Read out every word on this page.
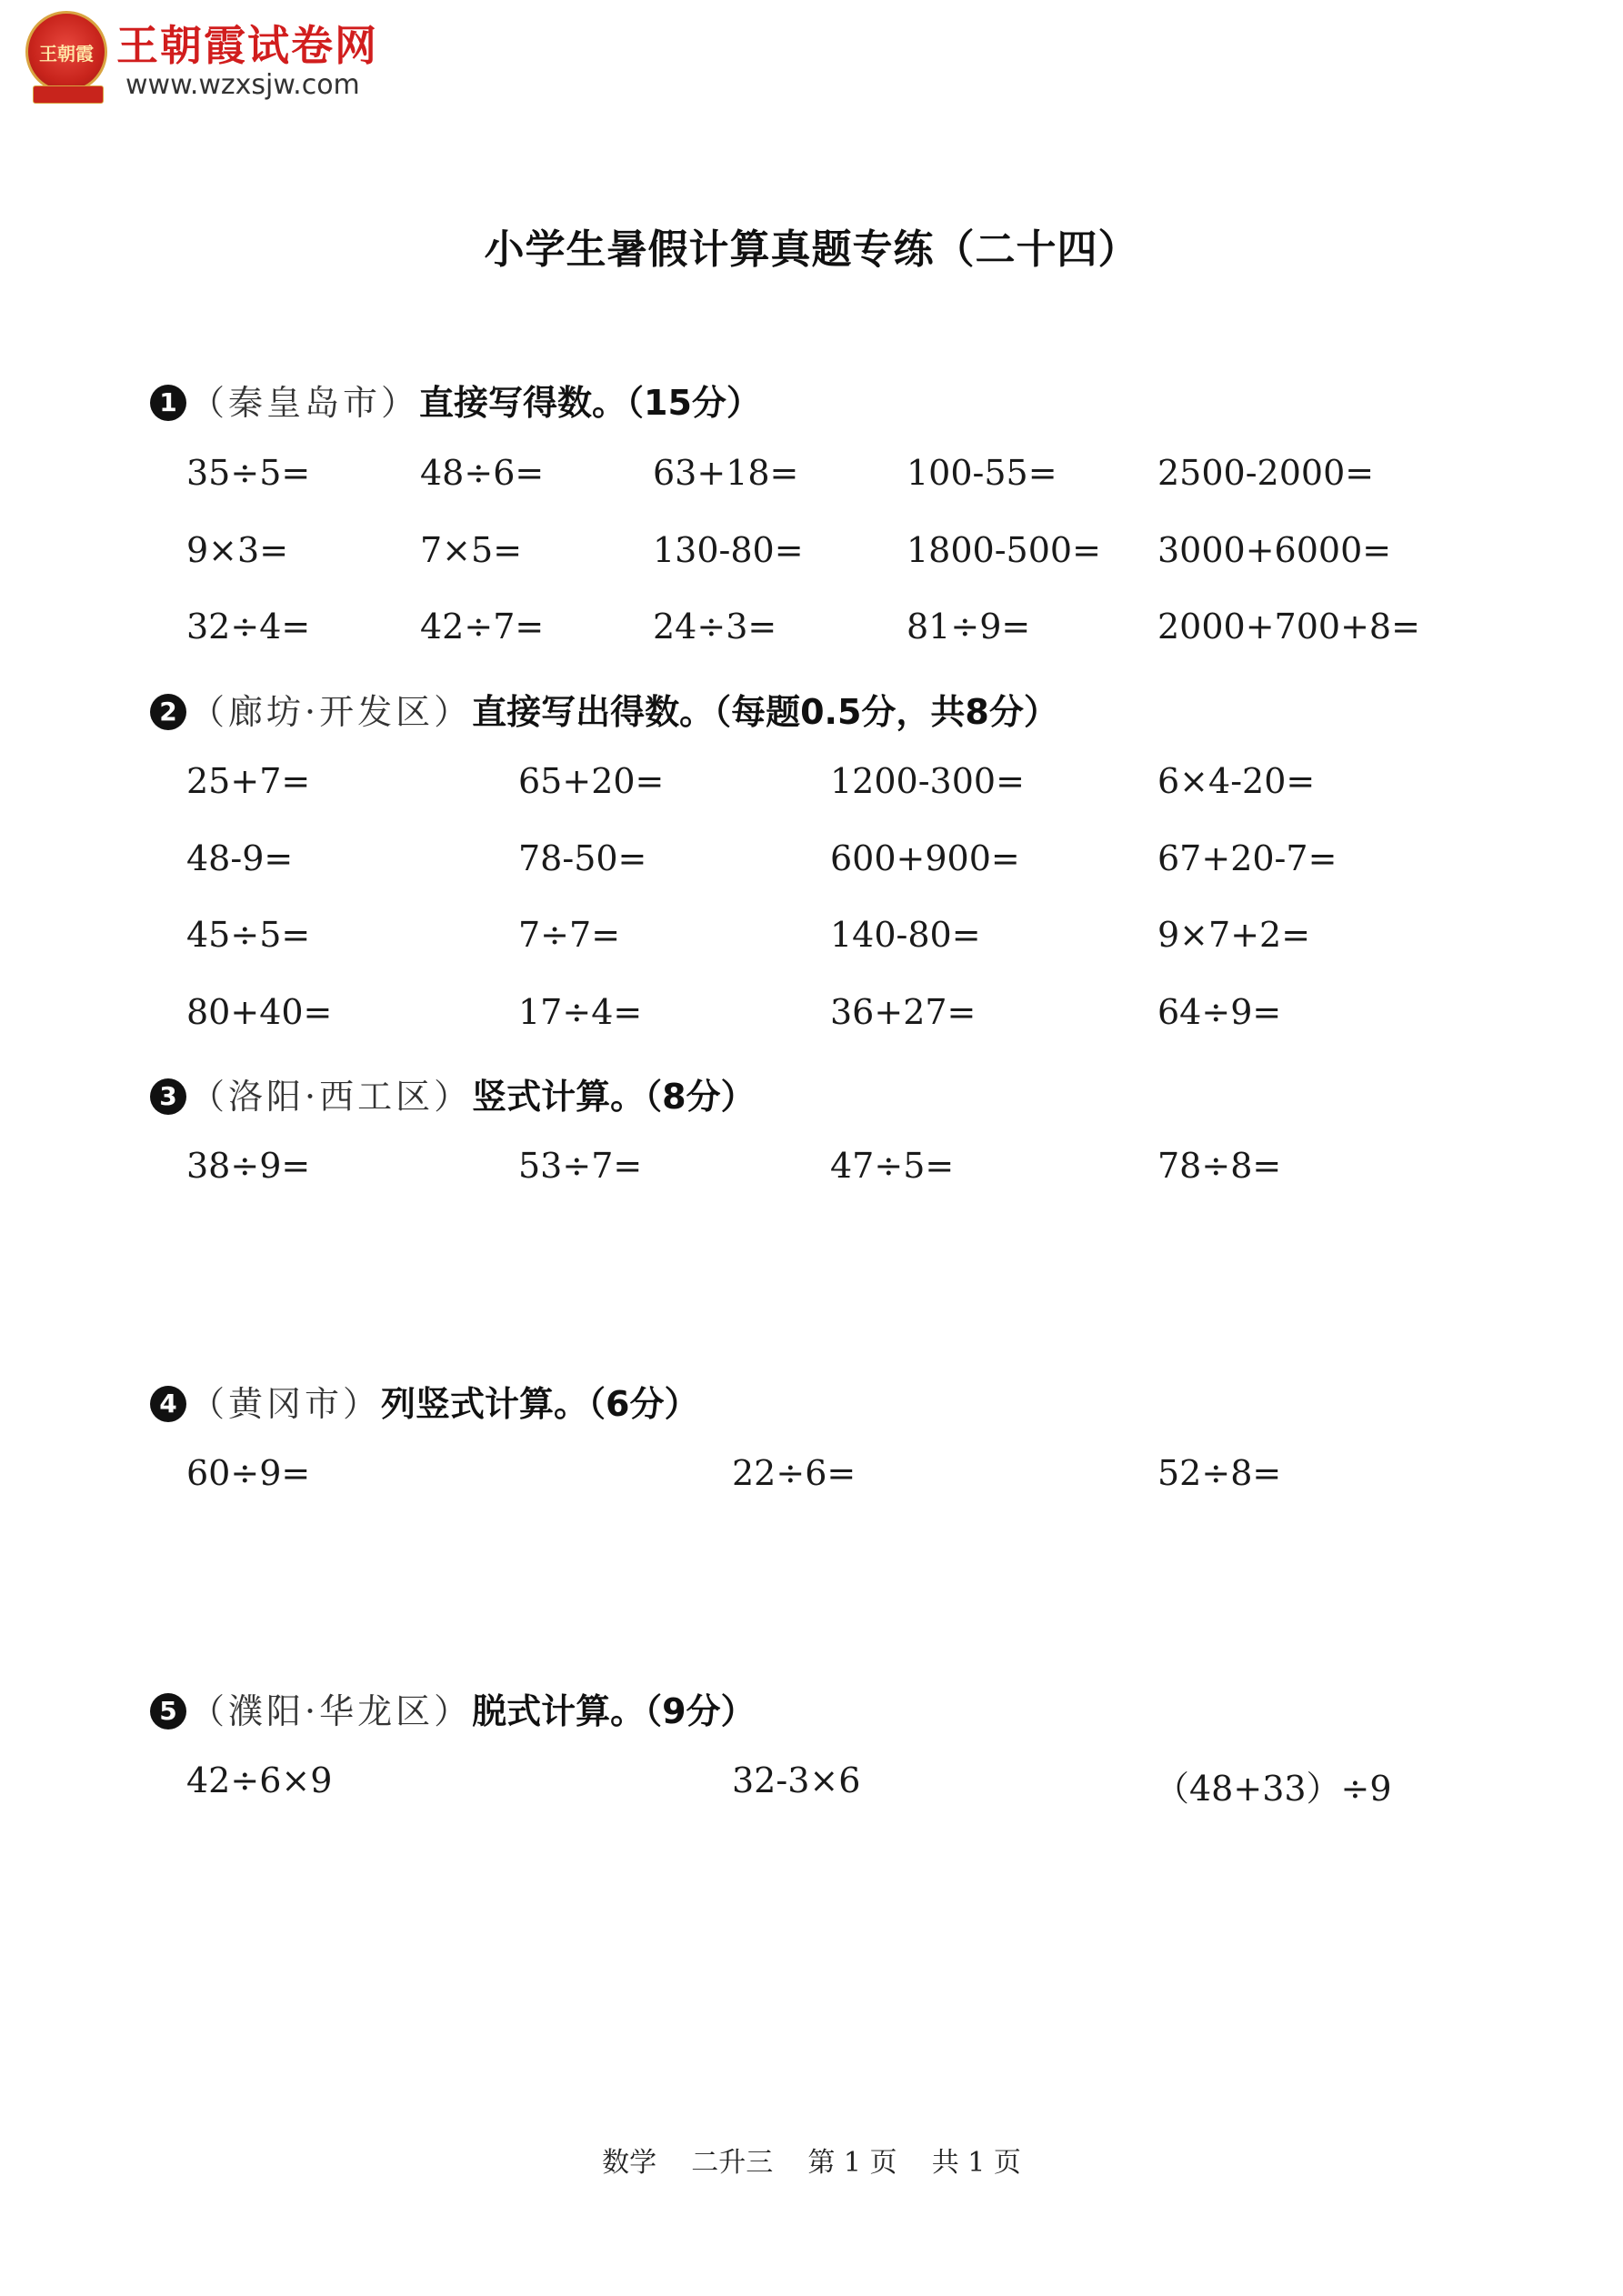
王朝霞 王朝霞试卷网
www.wzxsjw.com
小学生暑假计算真题专练（二十四）
1 （秦皇岛市）直接写得数。（15分）
35÷5=	48÷6=	63+18=	100-55=	2500-2000=
9×3=	7×5=	130-80=	1800-500= 3000+6000=
32÷4=	42÷7=	24÷3=	81÷9=	2000+700+8=
2 （廊坊·开发区）直接写出得数。（每题0.5分，共8分）
25+7=	65+20=	1200-300=	6×4-20=
48-9=	78-50=	600+900=	67+20-7=
45÷5=	7÷7=	140-80=	9×7+2=
80+40=	17÷4=	36+27=	64÷9=
3 （洛阳·西工区）竖式计算。（8分）
38÷9=	53÷7=	47÷5=	78÷8=
4 （黄冈市）列竖式计算。（6分）
60÷9=	22÷6=	52÷8=
5 （濮阳·华龙区）脱式计算。（9分）
42÷6×9	32-3×6	（48+33）÷9
数学    二升三    第 1 页    共 1 页
